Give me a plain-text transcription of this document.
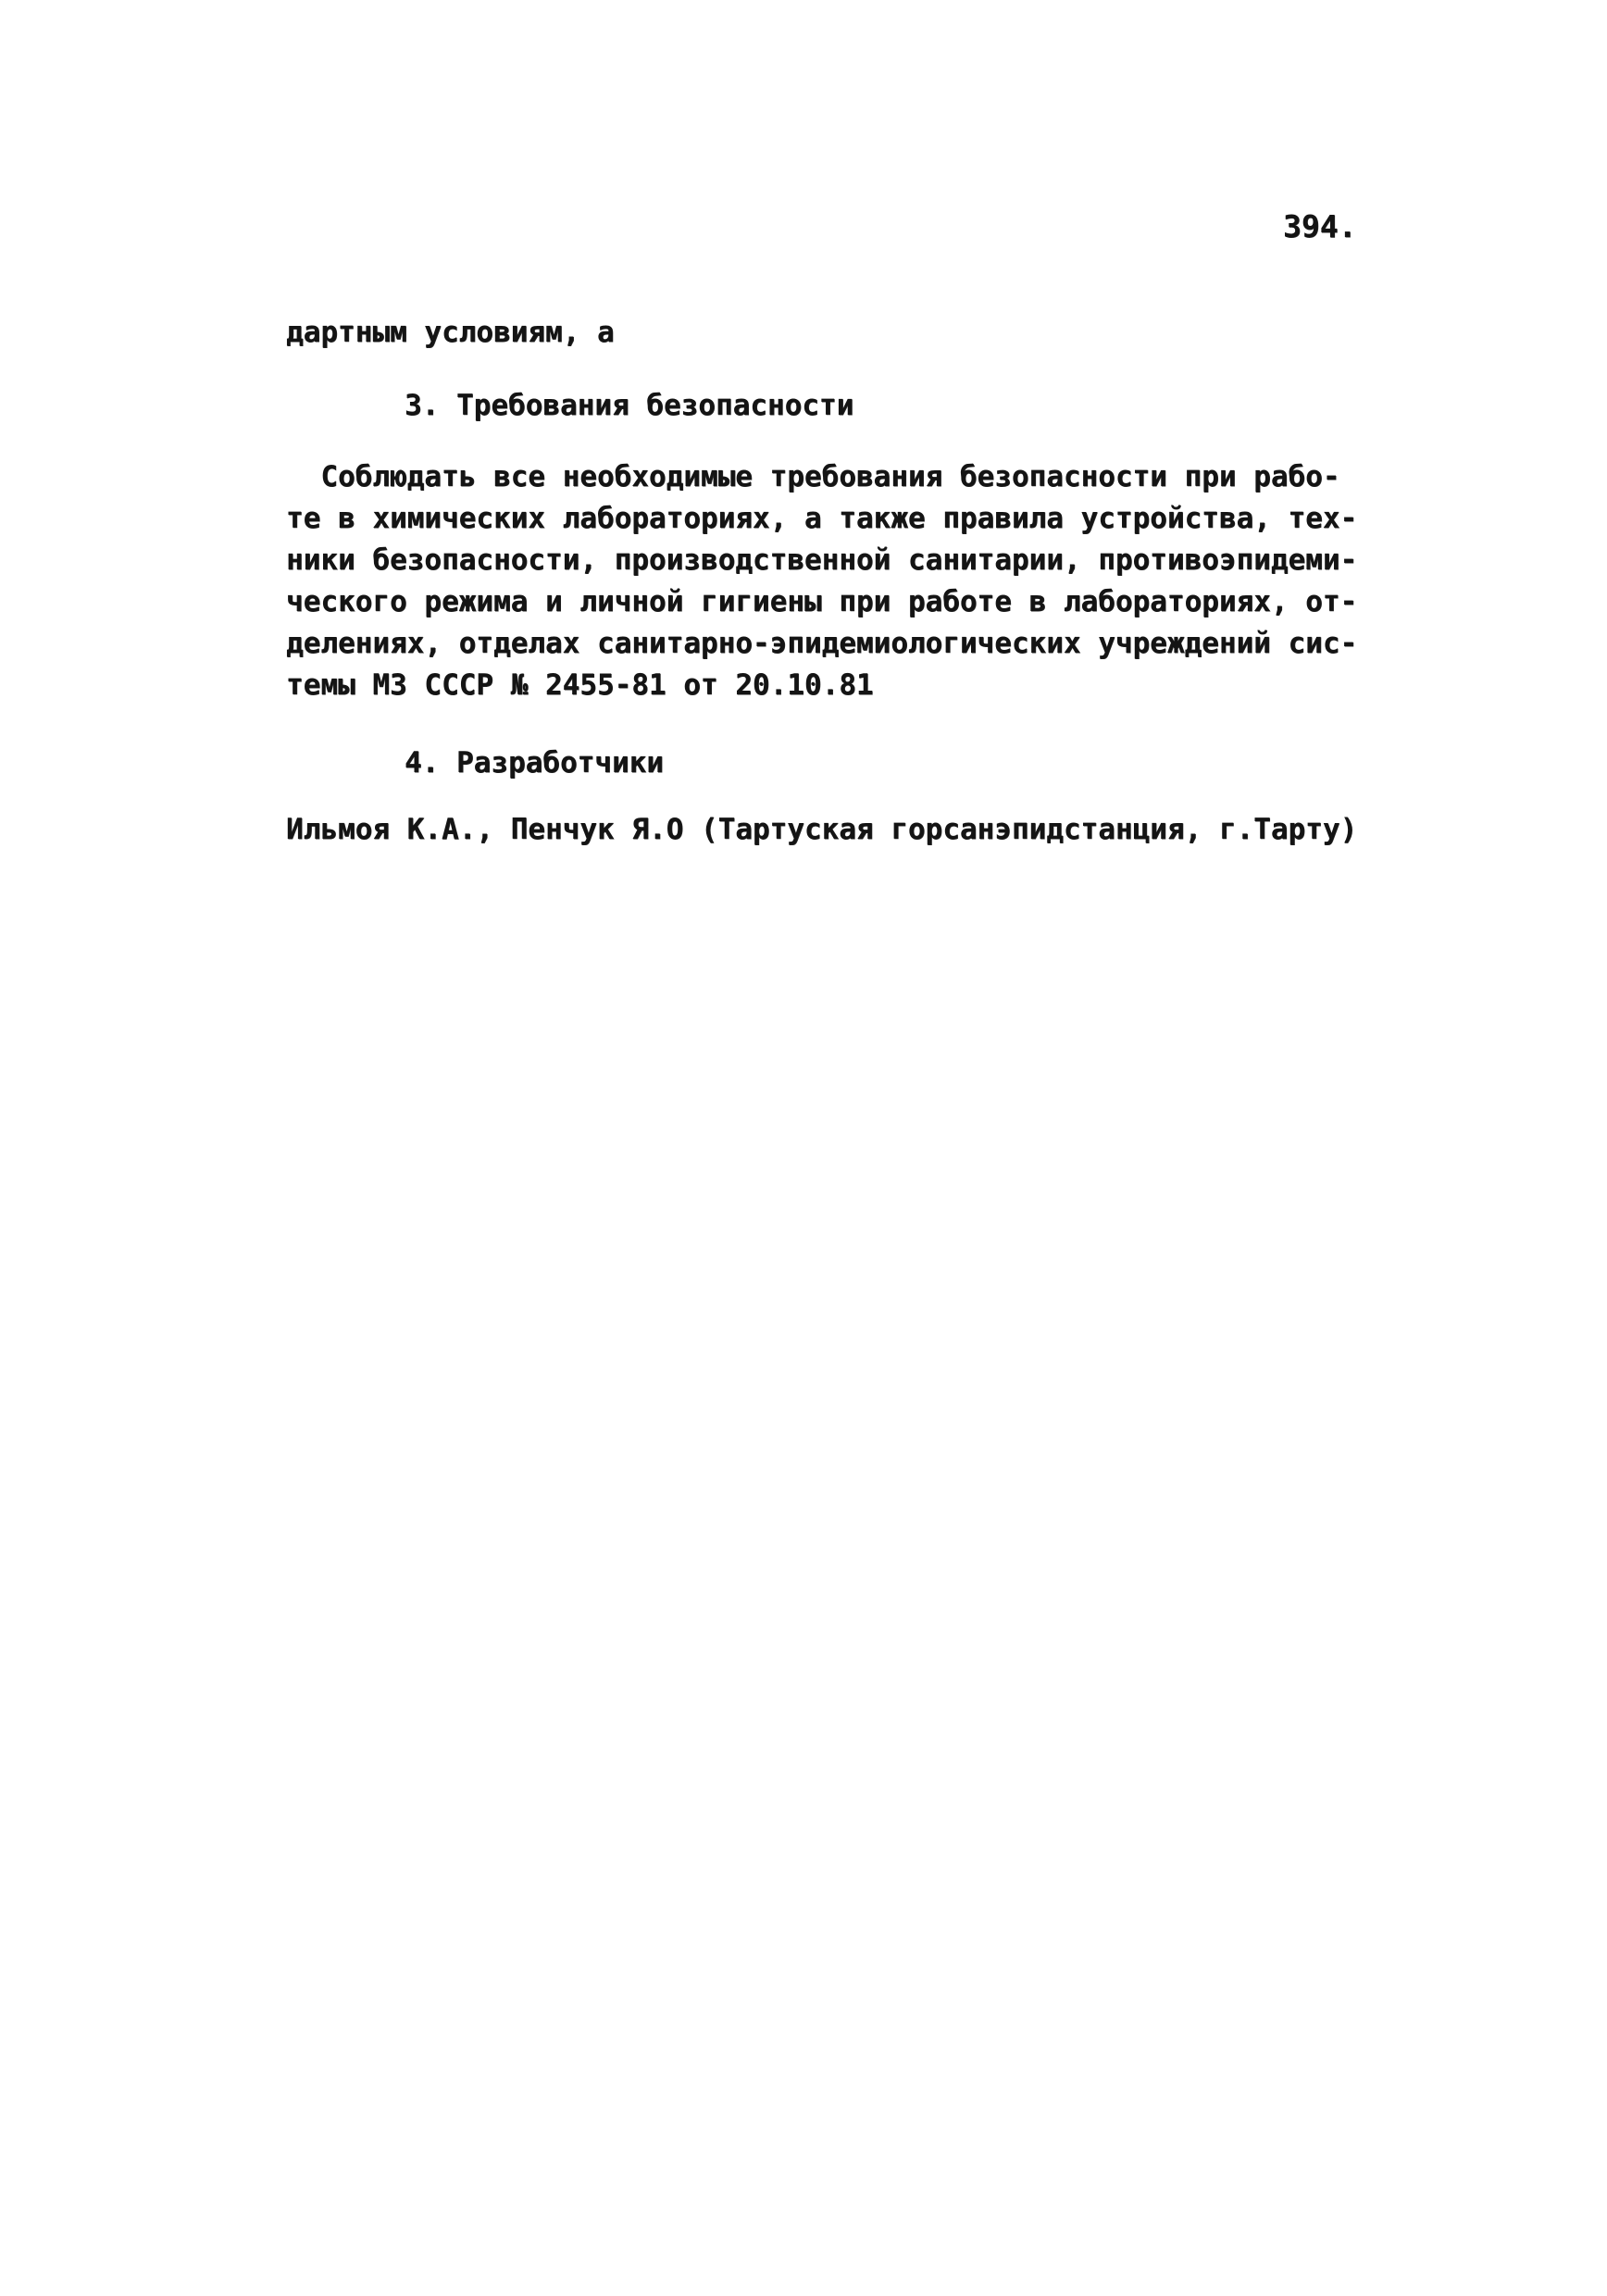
394.
дартным условиям, а
3. Требования безопасности
Соблюдать все необходимые требования безопасности при рабо-
те в химических лабораториях, а также правила устройства, тех-
ники безопасности, производственной санитарии, противоэпидеми-
ческого режима и личной гигиены при работе в лабораториях, от-
делениях, отделах санитарно-эпидемиологических учреждений сис-
темы МЗ СССР № 2455-81 от 20.10.81
4. Разработчики
Ильмоя К.А., Пенчук Я.О (Тартуская горсанэпидстанция, г.Тарту)
